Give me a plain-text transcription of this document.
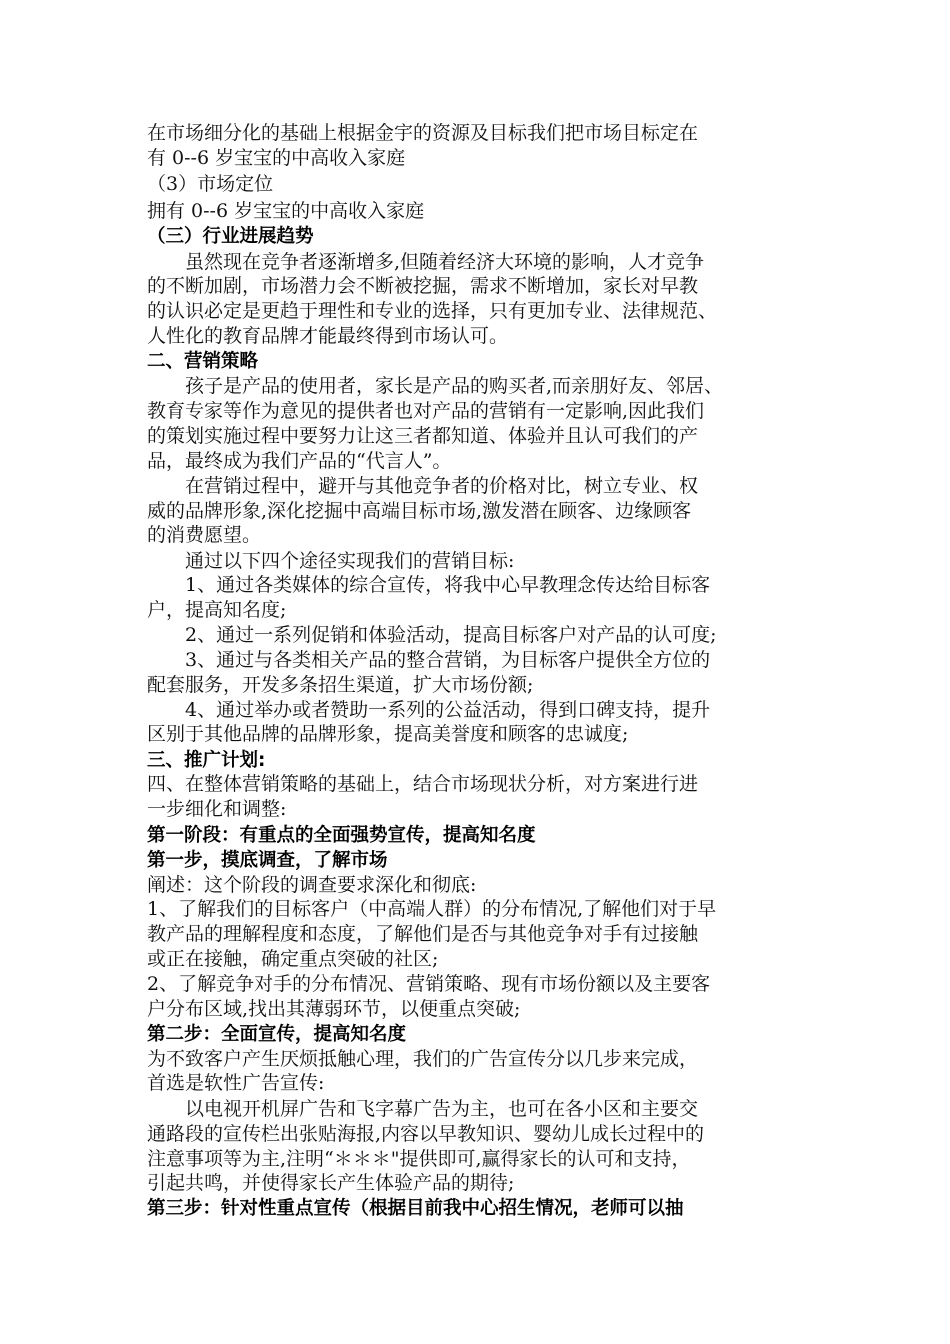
在市场细分化的基础上根据金宇的资源及目标我们把市场目标定在
有 0--6 岁宝宝的中高收入家庭
（3）市场定位
拥有 0--6 岁宝宝的中高收入家庭
（三）行业进展趋势
虽然现在竞争者逐渐增多,但随着经济大环境的影响，人才竞争
的不断加剧，市场潜力会不断被挖掘，需求不断增加，家长对早教
的认识必定是更趋于理性和专业的选择，只有更加专业、法律规范、
人性化的教育品牌才能最终得到市场认可。
二、营销策略
孩子是产品的使用者，家长是产品的购买者,而亲朋好友、邻居、
教育专家等作为意见的提供者也对产品的营销有一定影响,因此我们
的策划实施过程中要努力让这三者都知道、体验并且认可我们的产
品，最终成为我们产品的“代言人”。
在营销过程中，避开与其他竞争者的价格对比，树立专业、权
威的品牌形象,深化挖掘中高端目标市场,激发潜在顾客、边缘顾客
的消费愿望。
通过以下四个途径实现我们的营销目标:
1、通过各类媒体的综合宣传，将我中心早教理念传达给目标客
户，提高知名度;
2、通过一系列促销和体验活动，提高目标客户对产品的认可度;
3、通过与各类相关产品的整合营销，为目标客户提供全方位的
配套服务，开发多条招生渠道，扩大市场份额;
4、通过举办或者赞助一系列的公益活动，得到口碑支持，提升
区别于其他品牌的品牌形象，提高美誉度和顾客的忠诚度;
三、推广计划:
四、在整体营销策略的基础上，结合市场现状分析，对方案进行进
一步细化和调整:
第一阶段：有重点的全面强势宣传，提高知名度
第一步，摸底调查，了解市场
阐述：这个阶段的调查要求深化和彻底:
1、了解我们的目标客户（中高端人群）的分布情况,了解他们对于早
教产品的理解程度和态度，了解他们是否与其他竞争对手有过接触
或正在接触，确定重点突破的社区;
2、了解竞争对手的分布情况、营销策略、现有市场份额以及主要客
户分布区域,找出其薄弱环节，以便重点突破;
第二步：全面宣传，提高知名度
为不致客户产生厌烦抵触心理，我们的广告宣传分以几步来完成，
首选是软性广告宣传:
以电视开机屏广告和飞字幕广告为主，也可在各小区和主要交
通路段的宣传栏出张贴海报,内容以早教知识、婴幼儿成长过程中的
注意事项等为主,注明“＊＊＊"提供即可,赢得家长的认可和支持，
引起共鸣，并使得家长产生体验产品的期待;
第三步：针对性重点宣传（根据目前我中心招生情况，老师可以抽
